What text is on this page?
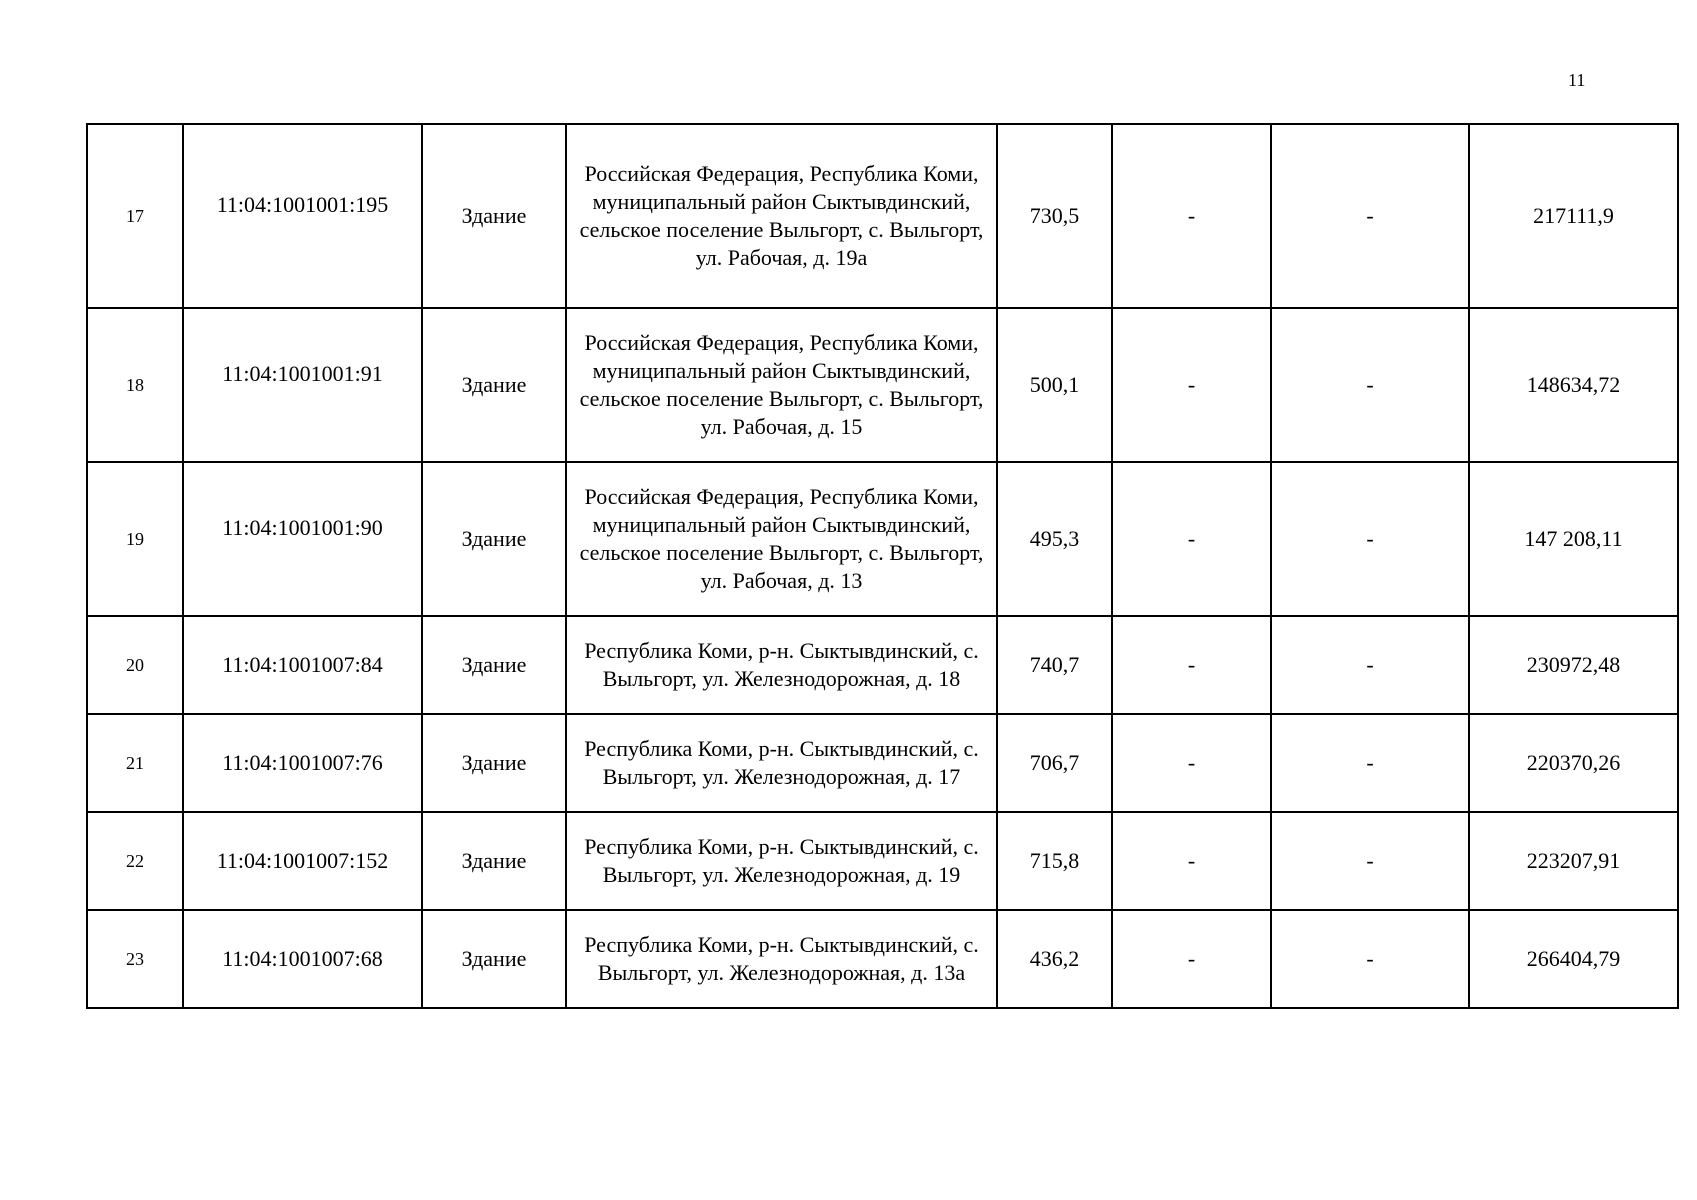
11
17	11:04:1001001:195	Здание	Российская Федерация, Республика Коми, муниципальный район Сыктывдинский, сельское поселение Выльгорт, с. Выльгорт, ул. Рабочая, д. 19а	730,5	-	-	217111,9
18	11:04:1001001:91	Здание	Российская Федерация, Республика Коми, муниципальный район Сыктывдинский, сельское поселение Выльгорт, с. Выльгорт, ул. Рабочая, д. 15	500,1	-	-	148634,72
19	11:04:1001001:90	Здание	Российская Федерация, Республика Коми, муниципальный район Сыктывдинский, сельское поселение Выльгорт, с. Выльгорт, ул. Рабочая, д. 13	495,3	-	-	147 208,11
20	11:04:1001007:84	Здание	Республика Коми, р-н. Сыктывдинский, с. Выльгорт, ул. Железнодорожная, д. 18	740,7	-	-	230972,48
21	11:04:1001007:76	Здание	Республика Коми, р-н. Сыктывдинский, с. Выльгорт, ул. Железнодорожная, д. 17	706,7	-	-	220370,26
22	11:04:1001007:152	Здание	Республика Коми, р-н. Сыктывдинский, с. Выльгорт, ул. Железнодорожная, д. 19	715,8	-	-	223207,91
23	11:04:1001007:68	Здание	Республика Коми, р-н. Сыктывдинский, с. Выльгорт, ул. Железнодорожная, д. 13а	436,2	-	-	266404,79
